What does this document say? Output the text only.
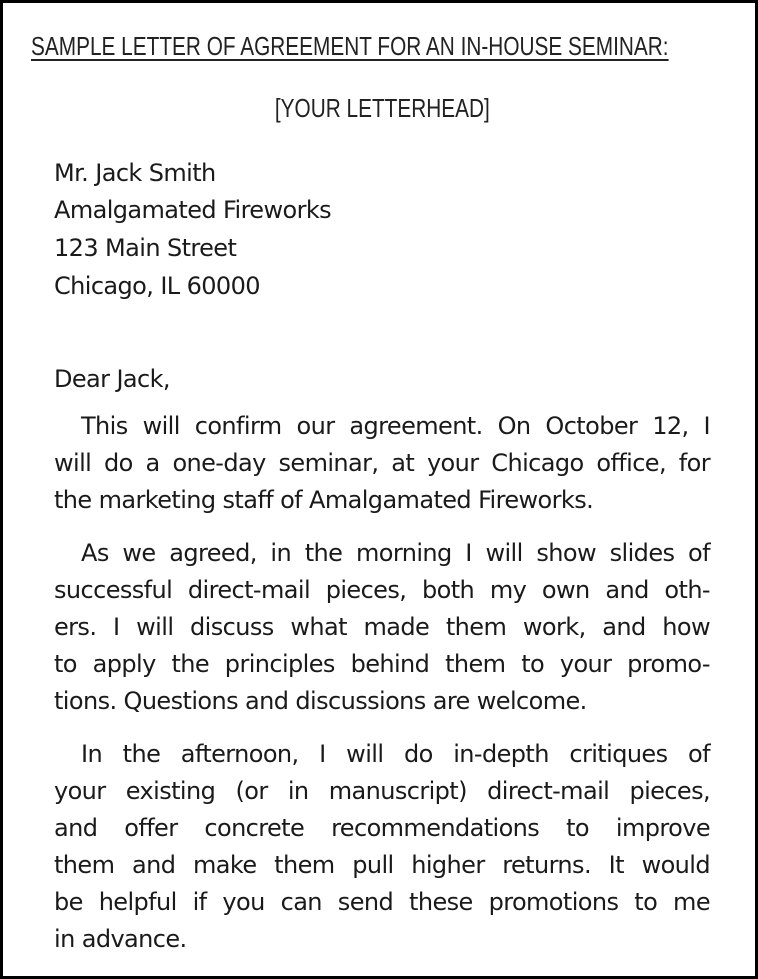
SAMPLE LETTER OF AGREEMENT FOR AN IN-HOUSE SEMINAR:
[YOUR LETTERHEAD]
Mr. Jack Smith
Amalgamated Fireworks
123 Main Street
Chicago, IL 60000
Dear Jack,
This will confirm our agreement. On October 12, I
will do a one-day seminar, at your Chicago office, for
the marketing staff of Amalgamated Fireworks.
As we agreed, in the morning I will show slides of
successful direct-mail pieces, both my own and oth-
ers. I will discuss what made them work, and how
to apply the principles behind them to your promo-
tions. Questions and discussions are welcome.
In the afternoon, I will do in-depth critiques of
your existing (or in manuscript) direct-mail pieces,
and offer concrete recommendations to improve
them and make them pull higher returns. It would
be helpful if you can send these promotions to me
in advance.
